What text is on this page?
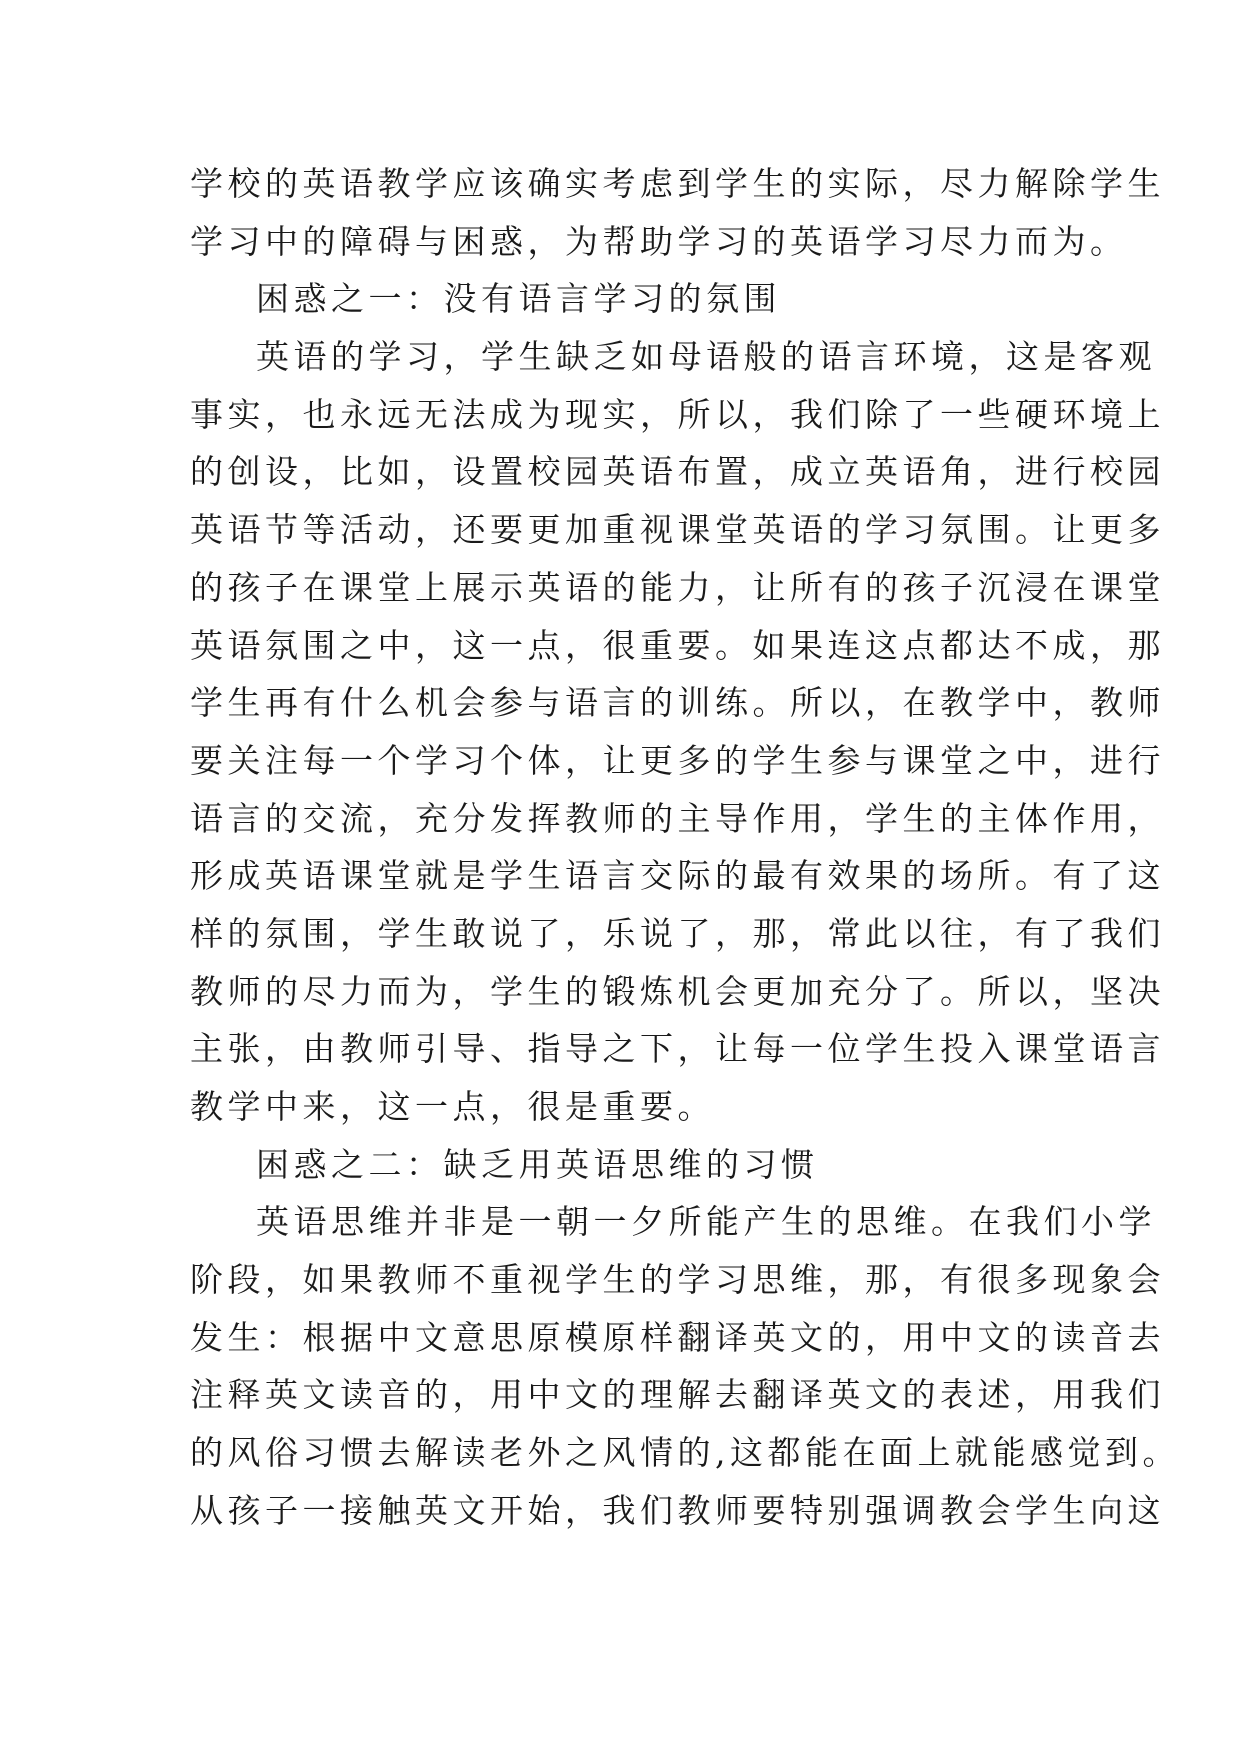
学校的英语教学应该确实考虑到学生的实际，尽力解除学生
学习中的障碍与困惑，为帮助学习的英语学习尽力而为。
困惑之一：没有语言学习的氛围
英语的学习，学生缺乏如母语般的语言环境，这是客观
事实，也永远无法成为现实，所以，我们除了一些硬环境上
的创设，比如，设置校园英语布置，成立英语角，进行校园
英语节等活动，还要更加重视课堂英语的学习氛围。让更多
的孩子在课堂上展示英语的能力，让所有的孩子沉浸在课堂
英语氛围之中，这一点，很重要。如果连这点都达不成，那
学生再有什么机会参与语言的训练。所以，在教学中，教师
要关注每一个学习个体，让更多的学生参与课堂之中，进行
语言的交流，充分发挥教师的主导作用，学生的主体作用，
形成英语课堂就是学生语言交际的最有效果的场所。有了这
样的氛围，学生敢说了，乐说了，那，常此以往，有了我们
教师的尽力而为，学生的锻炼机会更加充分了。所以，坚决
主张，由教师引导、指导之下，让每一位学生投入课堂语言
教学中来，这一点，很是重要。
困惑之二：缺乏用英语思维的习惯
英语思维并非是一朝一夕所能产生的思维。在我们小学
阶段，如果教师不重视学生的学习思维，那，有很多现象会
发生：根据中文意思原模原样翻译英文的，用中文的读音去
注释英文读音的，用中文的理解去翻译英文的表述，用我们
的风俗习惯去解读老外之风情的,这都能在面上就能感觉到。
从孩子一接触英文开始，我们教师要特别强调教会学生向这
